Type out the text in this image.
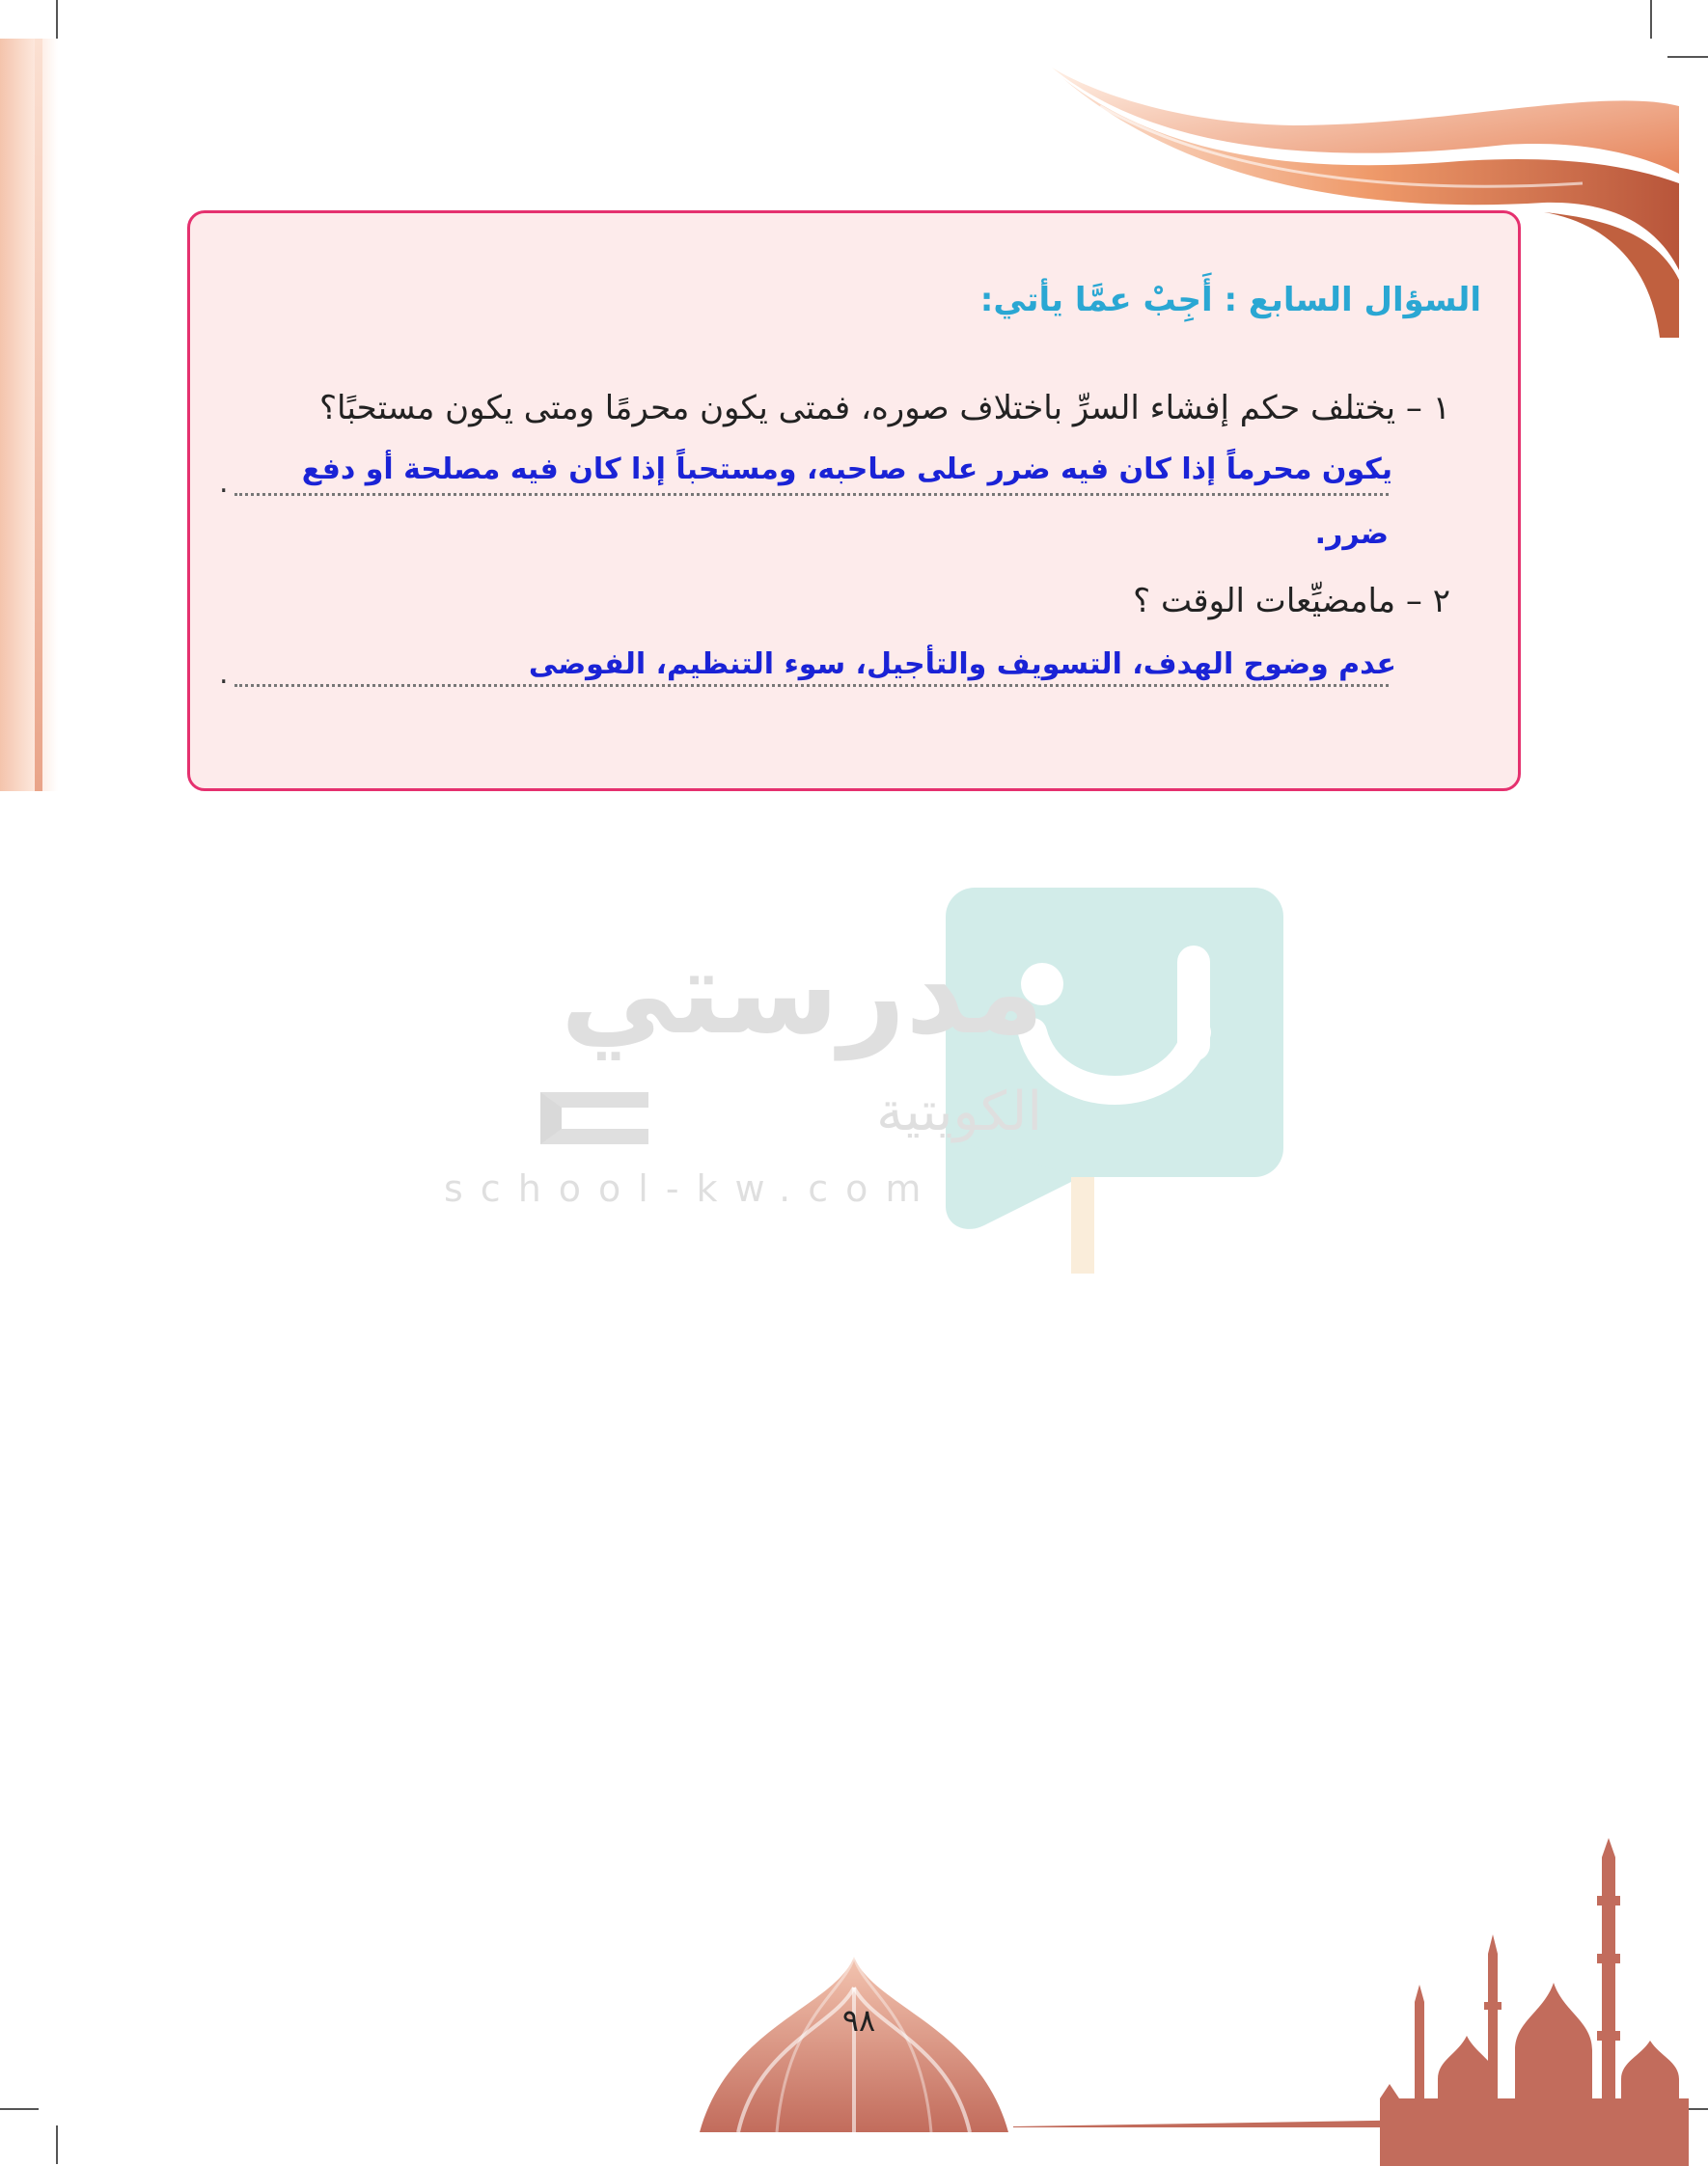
السؤال السابع : أَجِبْ عمَّا يأتي:
١ – يختلف حكم إفشاء السرِّ باختلاف صوره، فمتى يكون محرمًا ومتى يكون مستحبًا؟
يكون محرماً إذا كان فيه ضرر على صاحبه، ومستحباً إذا كان فيه مصلحة أو دفع
.
ضرر.
٢ – مامضيِّعات الوقت ؟
عدم وضوح الهدف، التسويف والتأجيل، سوء التنظيم، الفوضى
.
مدرستي
الكويتية
school-kw.com
٩٨
